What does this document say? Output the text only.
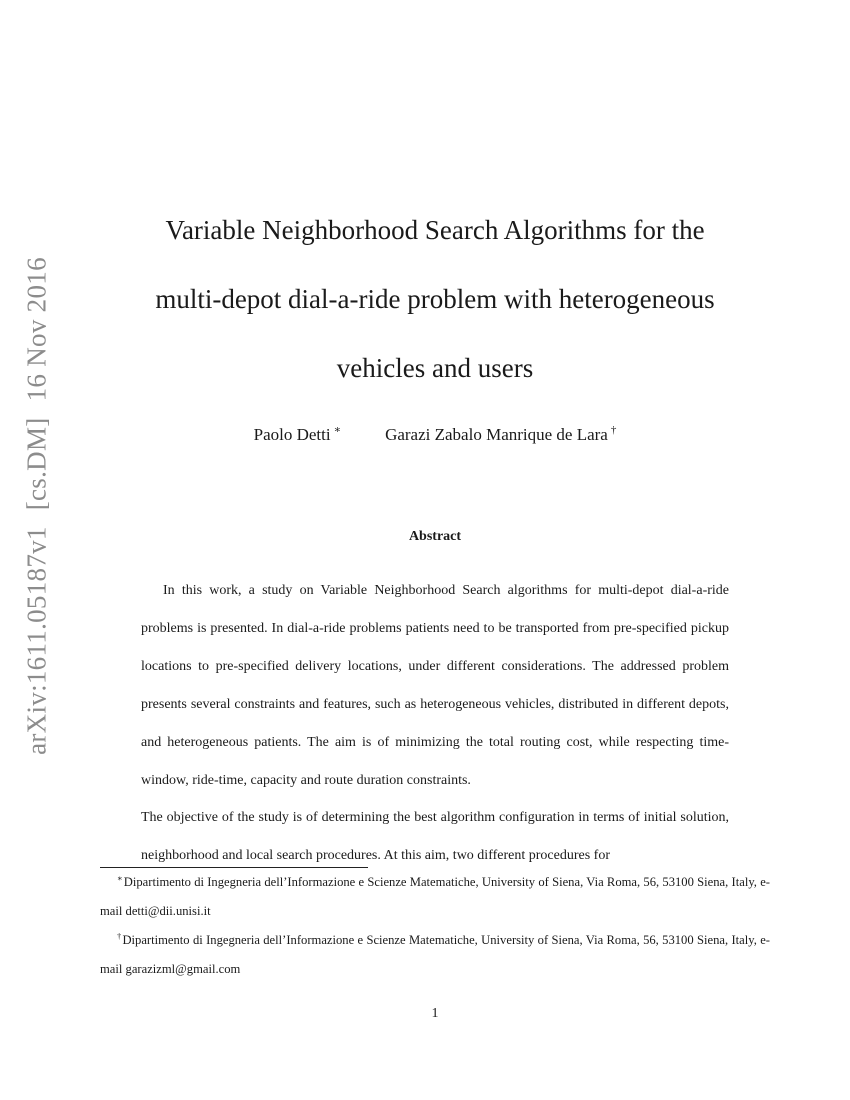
arXiv:1611.05187v1[cs.DM]16 Nov 2016
Variable Neighborhood Search Algorithms for the
multi-depot dial-a-ride problem with heterogeneous
vehicles and users
Paolo Detti ∗	Garazi Zabalo Manrique de Lara †
Abstract

In this work, a study on Variable Neighborhood Search algorithms for multi-depot dial-a-ride problems is presented. In dial-a-ride problems patients need to be transported from pre-specified pickup locations to pre-specified delivery locations, under different considerations. The addressed problem presents several constraints and features, such as heterogeneous vehicles, distributed in different depots, and heterogeneous patients. The aim is of minimizing the total routing cost, while respecting time-window, ride-time, capacity and route duration constraints.

The objective of the study is of determining the best algorithm configuration in terms of initial solution, neighborhood and local search procedures. At this aim, two different procedures for

∗Dipartimento di Ingegneria dell’Informazione e Scienze Matematiche, University of Siena, Via Roma, 56, 53100 Siena, Italy, e-mail detti@dii.unisi.it

†Dipartimento di Ingegneria dell’Informazione e Scienze Matematiche, University of Siena, Via Roma, 56, 53100 Siena, Italy, e-mail garazizml@gmail.com

1
